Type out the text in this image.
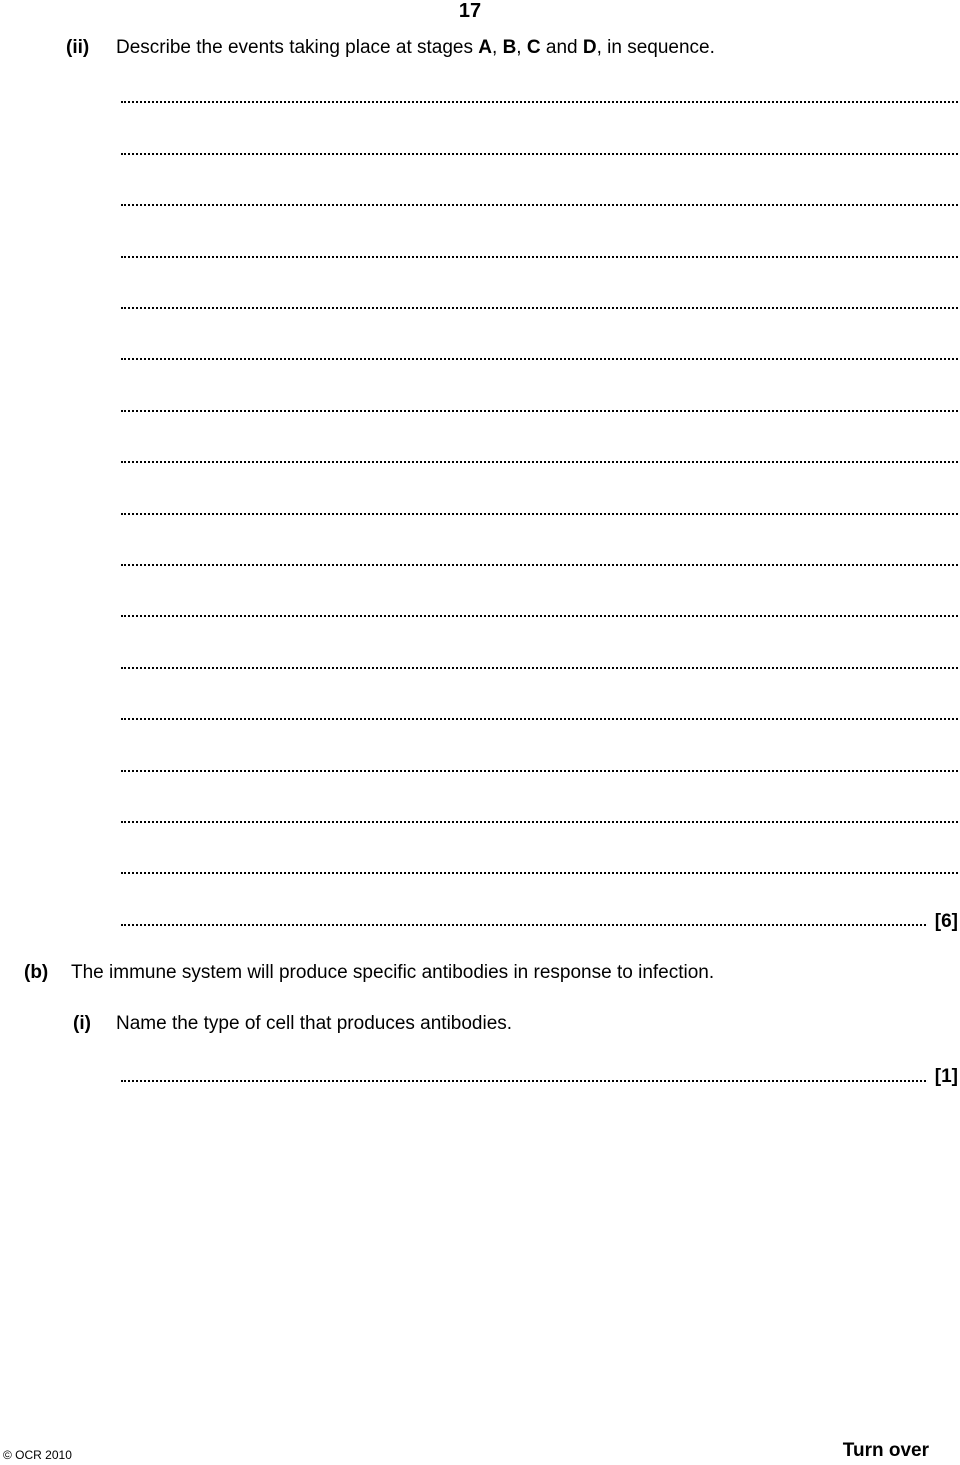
17
(ii) Describe the events taking place at stages A, B, C and D, in sequence.
[6]
(b) The immune system will produce specific antibodies in response to infection.
(i) Name the type of cell that produces antibodies.
[1]
© OCR 2010	Turn over
